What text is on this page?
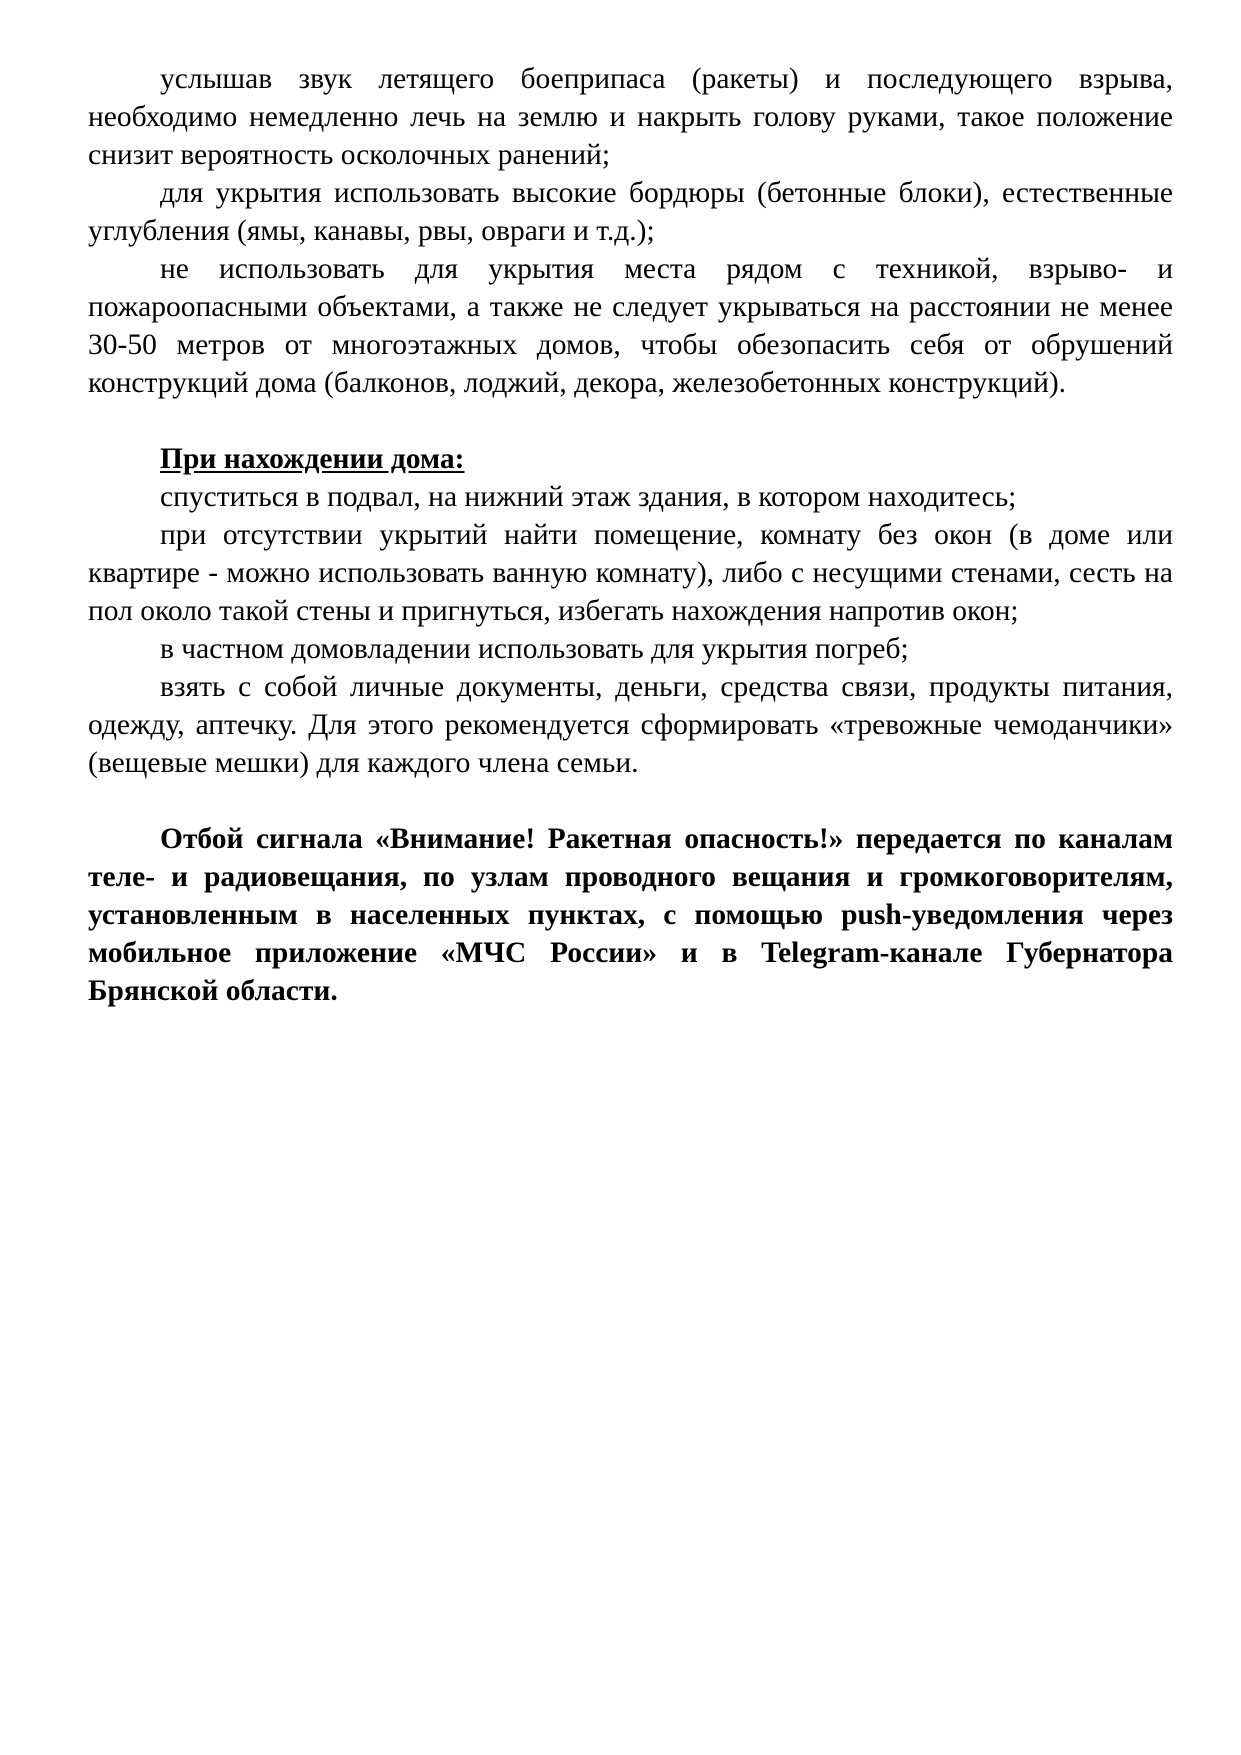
услышав звук летящего боеприпаса (ракеты) и последующего взрыва, необходимо немедленно лечь на землю и накрыть голову руками, такое положение снизит вероятность осколочных ранений;

для укрытия использовать высокие бордюры (бетонные блоки), естественные углубления (ямы, канавы, рвы, овраги и т.д.);

не использовать для укрытия места рядом с техникой, взрыво- и пожароопасными объектами, а также не следует укрываться на расстоянии не менее 30-50 метров от многоэтажных домов, чтобы обезопасить себя от обрушений конструкций дома (балконов, лоджий, декора, железобетонных конструкций).

При нахождении дома:

спуститься в подвал, на нижний этаж здания, в котором находитесь;

при отсутствии укрытий найти помещение, комнату без окон (в доме или квартире - можно использовать ванную комнату), либо с несущими стенами, сесть на пол около такой стены и пригнуться, избегать нахождения напротив окон;

в частном домовладении использовать для укрытия погреб;

взять с собой личные документы, деньги, средства связи, продукты питания, одежду, аптечку. Для этого рекомендуется сформировать «тревожные чемоданчики» (вещевые мешки) для каждого члена семьи.

Отбой сигнала «Внимание! Ракетная опасность!» передается по каналам теле- и радиовещания, по узлам проводного вещания и громкоговорителям, установленным в населенных пунктах, с помощью push-уведомления через мобильное приложение «МЧС России» и в Telegram-канале Губернатора Брянской области.
